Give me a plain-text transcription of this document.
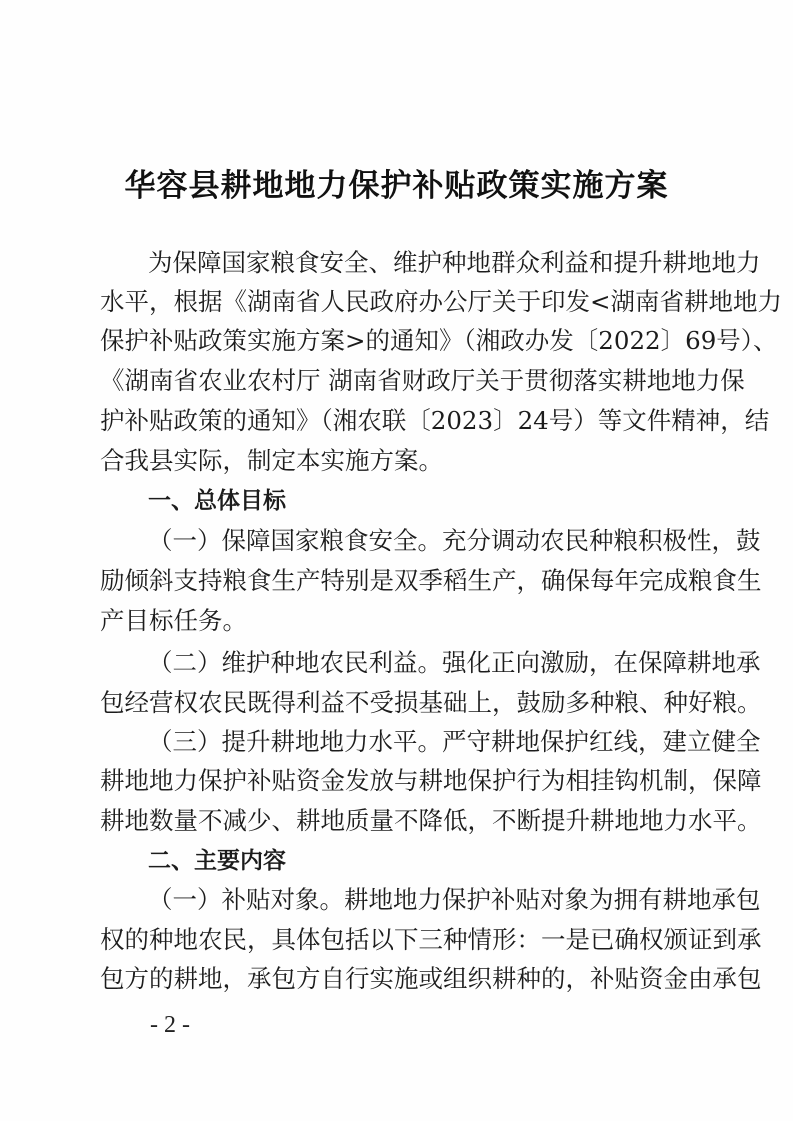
华容县耕地地力保护补贴政策实施方案
为保障国家粮食安全、维护种地群众利益和提升耕地地力
水平，根据《湖南省人民政府办公厅关于印发<湖南省耕地地力
保护补贴政策实施方案>的通知》（湘政办发〔2022〕69号）、
《湖南省农业农村厅 湖南省财政厅关于贯彻落实耕地地力保
护补贴政策的通知》（湘农联〔2023〕24号）等文件精神，结
合我县实际，制定本实施方案。
一、总体目标
（一）保障国家粮食安全。充分调动农民种粮积极性，鼓
励倾斜支持粮食生产特别是双季稻生产，确保每年完成粮食生
产目标任务。
（二）维护种地农民利益。强化正向激励，在保障耕地承
包经营权农民既得利益不受损基础上，鼓励多种粮、种好粮。
（三）提升耕地地力水平。严守耕地保护红线，建立健全
耕地地力保护补贴资金发放与耕地保护行为相挂钩机制，保障
耕地数量不减少、耕地质量不降低，不断提升耕地地力水平。
二、主要内容
（一）补贴对象。耕地地力保护补贴对象为拥有耕地承包
权的种地农民，具体包括以下三种情形：一是已确权颁证到承
包方的耕地，承包方自行实施或组织耕种的，补贴资金由承包
- 2 -
